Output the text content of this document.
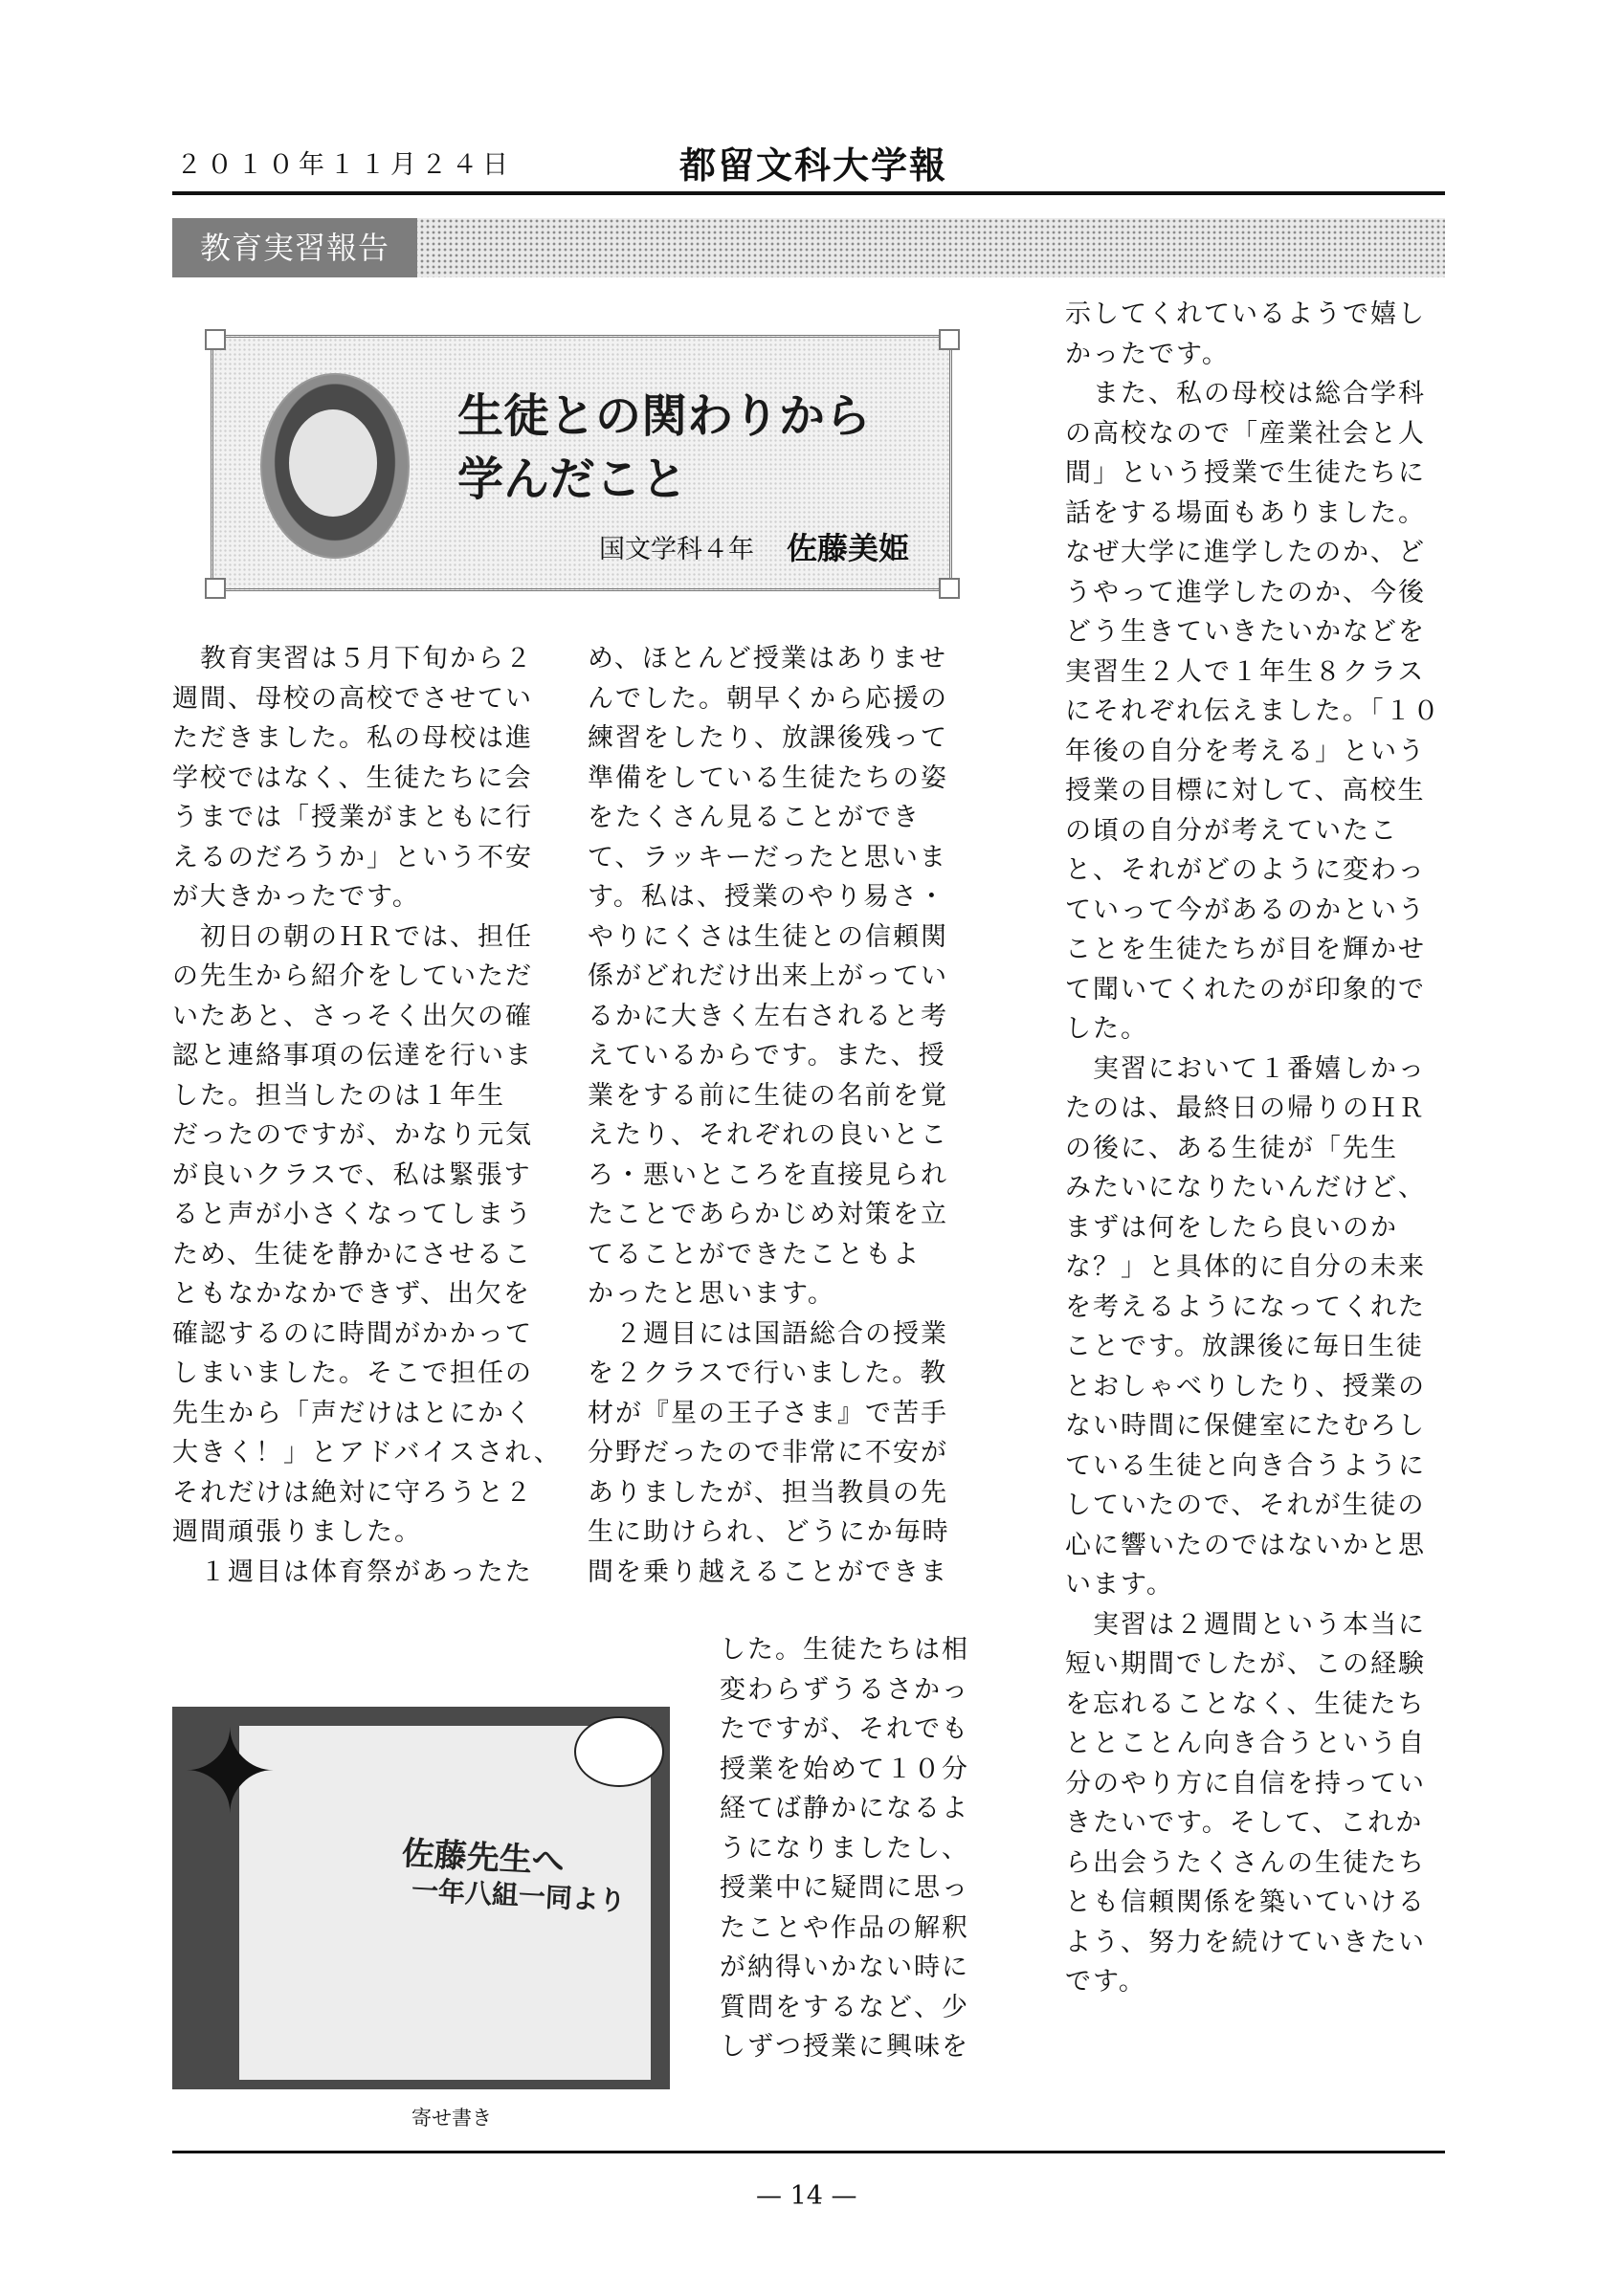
２０１０年１１月２４日	都留文科大学報
教育実習報告
生徒との関わりから
学んだこと
国文学科４年 佐藤美姫
　教育実習は５月下旬から２
週間、母校の高校でさせてい
ただきました。私の母校は進
学校ではなく、生徒たちに会
うまでは「授業がまともに行
えるのだろうか」という不安
が大きかったです。
　初日の朝のＨＲでは、担任
の先生から紹介をしていただ
いたあと、さっそく出欠の確
認と連絡事項の伝達を行いま
した。担当したのは１年生
だったのですが、かなり元気
が良いクラスで、私は緊張す
ると声が小さくなってしまう
ため、生徒を静かにさせるこ
ともなかなかできず、出欠を
確認するのに時間がかかって
しまいました。そこで担任の
先生から「声だけはとにかく
大きく！」とアドバイスされ、
それだけは絶対に守ろうと２
週間頑張りました。
　１週目は体育祭があったた
め、ほとんど授業はありませ
んでした。朝早くから応援の
練習をしたり、放課後残って
準備をしている生徒たちの姿
をたくさん見ることができ
て、ラッキーだったと思いま
す。私は、授業のやり易さ・
やりにくさは生徒との信頼関
係がどれだけ出来上がってい
るかに大きく左右されると考
えているからです。また、授
業をする前に生徒の名前を覚
えたり、それぞれの良いとこ
ろ・悪いところを直接見られ
たことであらかじめ対策を立
てることができたこともよ
かったと思います。
　２週目には国語総合の授業
を２クラスで行いました。教
材が『星の王子さま』で苦手
分野だったので非常に不安が
ありましたが、担当教員の先
生に助けられ、どうにか毎時
間を乗り越えることができま
した。生徒たちは相
変わらずうるさかっ
たですが、それでも
授業を始めて１０分
経てば静かになるよ
うになりましたし、
授業中に疑問に思っ
たことや作品の解釈
が納得いかない時に
質問をするなど、少
しずつ授業に興味を
示してくれているようで嬉し
かったです。
　また、私の母校は総合学科
の高校なので「産業社会と人
間」という授業で生徒たちに
話をする場面もありました。
なぜ大学に進学したのか、ど
うやって進学したのか、今後
どう生きていきたいかなどを
実習生２人で１年生８クラス
にそれぞれ伝えました。「１０
年後の自分を考える」という
授業の目標に対して、高校生
の頃の自分が考えていたこ
と、それがどのように変わっ
ていって今があるのかという
ことを生徒たちが目を輝かせ
て聞いてくれたのが印象的で
した。
　実習において１番嬉しかっ
たのは、最終日の帰りのＨＲ
の後に、ある生徒が「先生
みたいになりたいんだけど、
まずは何をしたら良いのか
な？」と具体的に自分の未来
を考えるようになってくれた
ことです。放課後に毎日生徒
とおしゃべりしたり、授業の
ない時間に保健室にたむろし
ている生徒と向き合うように
していたので、それが生徒の
心に響いたのではないかと思
います。
　実習は２週間という本当に
短い期間でしたが、この経験
を忘れることなく、生徒たち
ととことん向き合うという自
分のやり方に自信を持ってい
きたいです。そして、これか
ら出会うたくさんの生徒たち
とも信頼関係を築いていける
よう、努力を続けていきたい
です。
✦
佐藤先生へ
一年八組一同より
寄せ書き
— 14 —
